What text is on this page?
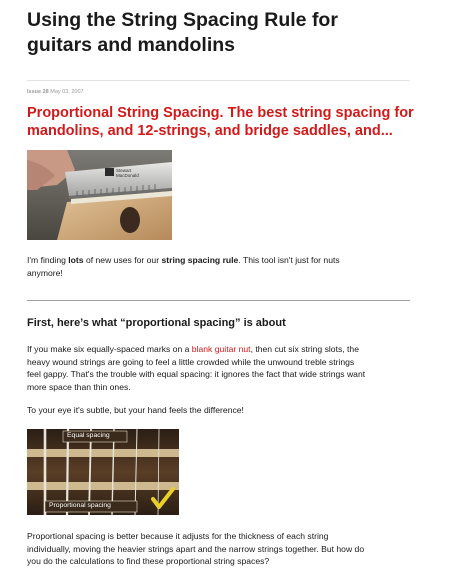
Using the String Spacing Rule for
guitars and mandolins
Issue 28 May 03, 2007
Proportional String Spacing. The best string spacing for
mandolins, and 12-strings, and bridge saddles, and...
Stewart
MacDonald

I'm finding lots of new uses for our string spacing rule. This tool isn't just for nuts
anymore!

First, here’s what “proportional spacing” is about

If you make six equally-spaced marks on a blank guitar nut, then cut six string slots, the
heavy wound strings are going to feel a little crowded while the unwound treble strings
feel gappy. That's the trouble with equal spacing: it ignores the fact that wide strings want
more space than thin ones.

To your eye it's subtle, but your hand feels the difference!

Equal spacing
Proportional spacing

Proportional spacing is better because it adjusts for the thickness of each string
individually, moving the heavier strings apart and the narrow strings together. But how do
you do the calculations to find these proportional string spaces?
